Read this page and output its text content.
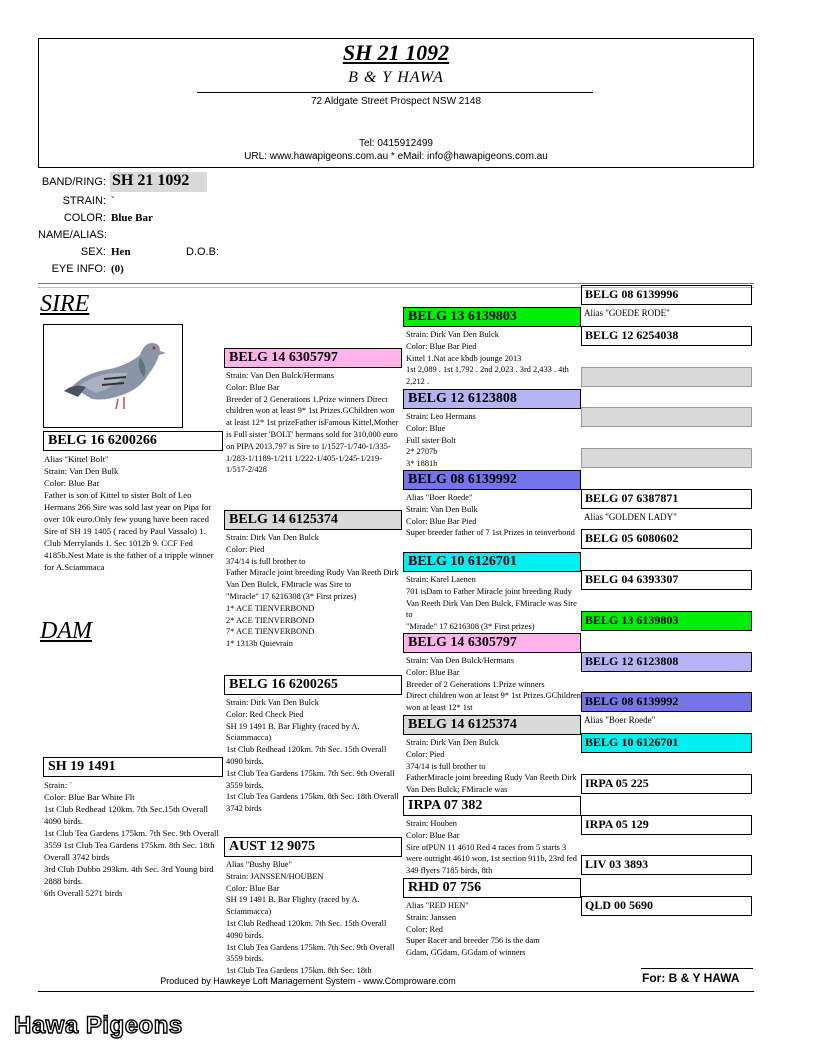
SH 21 1092
B & Y HAWA
72 Aldgate Street Prospect NSW 2148
Tel: 0415912499
URL: www.hawapigeons.com.au * eMail: info@hawapigeons.com.au
BAND/RING: SH 21 1092
STRAIN: `
COLOR: Blue Bar
NAME/ALIAS:
SEX: Hen	D.O.B:
EYE INFO: (0)
SIRE
DAM
BELG 16 6200266
Alias "Kittel Bolt"
Strain: Van Den Bulk
Color: Blue Bar
Father is son of Kittel to sister Bolt of Leo Hermans 266 Sire was sold last year on Pipa for over 10k euro.Only few young have been raced Sire of SH 19 1405 ( raced by Paul Vassalo) 1. Club Merrylands 1. Sec 1012b 9. CCF Fed 4185b.Nest Mate is the father of a tripple winner for A.Sciammaca
SH 19 1491
Strain: `
Color: Blue Bar White Flt
1st Club Redhead 120km. 7th Sec.15th Overall 4090 birds.
1st Club Tea Gardens 175km. 7th Sec. 9th Overall 3559 1st Club Tea Gardens 175km. 8th Sec. 18th Overall 3742 birds
3rd Club Dubbo 293km. 4th Sec. 3rd Young bird 2888 birds.
6th Overall 5271 birds
BELG 14 6305797
Strain: Van Den Bulck/Hermans
Color: Blue Bar
Breeder of 2 Generations 1.Prize winners Direct children won at least 9* 1st Prizes.GChildren won at least 12* 1st prizeFather isFamous Kittel,Mother is Full sister 'BOLT' hermans sold for 310,000 euro on PIPA 2013.797 is Sire to 1/1527-1/740-1/335-1/283-1/1189-1/211 1/222-1/405-1/245-1/219-1/517-2/428
BELG 14 6125374
Strain: Dirk Van Den Bulck
Color: Pied
374/14 is full brother to
Father Miracle joint breeding Rudy Van Reeth Dirk Van Den Bulck, FMiracle was Sire to
"Miracle" 17 6216308 (3* First prizes)
1* ACE TIENVERBOND
2* ACE TIENVERBOND
7* ACE TIENVERBOND
1* 1313b Quievrain
BELG 16 6200265
Strain: Dirk Van Den Bulck
Color: Red Check Pied
SH 19 1491 B. Bar Flighty (raced by A. Sciammacca)
1st Club Redhead 120km. 7th Sec. 15th Overall 4090 birds.
1st Club Tea Gardens 175km. 7th Sec. 9th Overall 3559 birds.
1st Club Tea Gardens 175km. 8th Sec. 18th Overall 3742 birds
AUST 12 9075
Alias "Bushy Blue"
Strain: JANSSEN/HOUBEN
Color: Blue Bar
SH 19 1491 B. Bar Flighty (raced by A. Sciammacca)
1st Club Redhead 120km. 7th Sec. 15th Overall 4090 birds.
1st Club Tea Gardens 175km. 7th Sec. 9th Overall 3559 birds.
1st Club Tea Gardens 175km. 8th Sec. 18th
BELG 13 6139803
Strain: Dirk Van Den Bulck
Color: Blue Bar Pied
Kittel 1.Nat ace kbdb jounge 2013
1st 2,089 . 1st 1,792 . 2nd 2,023 . 3rd 2,433 . 4th 2,212 .
BELG 12 6123808
Strain: Leo Hermans
Color: Blue
Full sister Bolt
2* 2707b
3* 1881b
BELG 08 6139992
Alias "Boer Roede"
Strain: Van Den Bulk
Color: Blue Bar Pied
Super breeder father of 7 1st Prizes in teinverbond
BELG 10 6126701
Strain: Karel Laenen
701 isDam to Father Miracle joint breeding Rudy Van Reeth Dirk Van Den Bulck, FMiracle was Sire to
"Mirade" 17 6216308 (3* First prizes)
BELG 14 6305797
Strain: Van Den Bulck/Hermans
Color: Blue Bar
Breeder of 2 Generations 1.Prize winners
Direct children won at least 9* 1st Prizes.GChildren won at least 12* 1st
BELG 14 6125374
Strain: Dirk Van Den Bulck
Color: Pied
374/14 is full brother to
FatherMiracle joint breeding Rudy Van Reeth Dirk Van Den Bulck; FMiracle was
IRPA 07 382
Strain: Houben
Color: Blue Bar
Sire ofPUN 11 4610 Red 4 races from 5 starts 3 were outright 4610 won, 1st section 911b, 23rd fed 349 flyers 7185 birds, 8th
RHD 07 756
Alias "RED HEN"
Strain: Janssen
Color: Red
Super Racer and breeder 756 is the dam
Gdam, GGdam, GGdam of winners
BELG 08 6139996
Alias "GOEDE RODE"
BELG 12 6254038
BELG 07 6387871
Alias "GOLDEN LADY"
BELG 05 6080602
BELG 04 6393307
BELG 13 6139803
BELG 12 6123808
BELG 08 6139992
Alias "Boer Roede"
BELG 10 6126701
IRPA 05 225
IRPA 05 129
LIV 03 3893
QLD 00 5690
Produced by Hawkeye Loft Management System - www.Comproware.com	For: B & Y HAWA
Hawa Pigeons
